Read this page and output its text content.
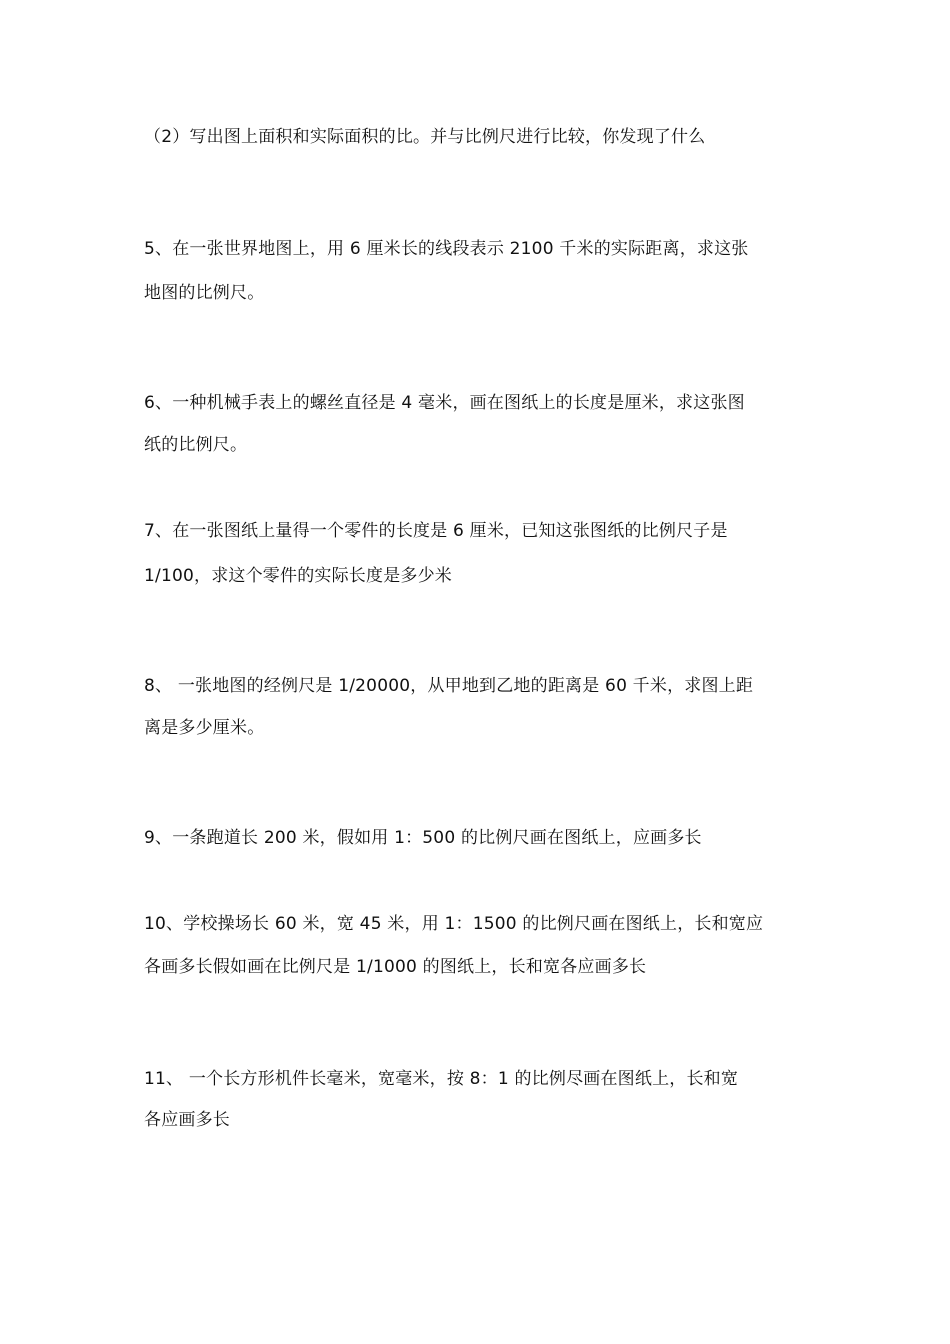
（2）写出图上面积和实际面积的比。并与比例尺进行比较，你发现了什么
5、在一张世界地图上，用 6 厘米长的线段表示 2100 千米的实际距离，求这张
地图的比例尺。
6、一种机械手表上的螺丝直径是 4 毫米，画在图纸上的长度是厘米，求这张图
纸的比例尺。
7、在一张图纸上量得一个零件的长度是 6 厘米，已知这张图纸的比例尺子是
1/100，求这个零件的实际长度是多少米
8、 一张地图的经例尺是 1/20000，从甲地到乙地的距离是 60 千米，求图上距
离是多少厘米。
9、一条跑道长 200 米，假如用 1：500 的比例尺画在图纸上，应画多长
10、学校操场长 60 米，宽 45 米，用 1：1500 的比例尺画在图纸上，长和宽应
各画多长假如画在比例尺是 1/1000 的图纸上，长和宽各应画多长
11、 一个长方形机件长毫米，宽毫米，按 8：1 的比例尽画在图纸上，长和宽
各应画多长
